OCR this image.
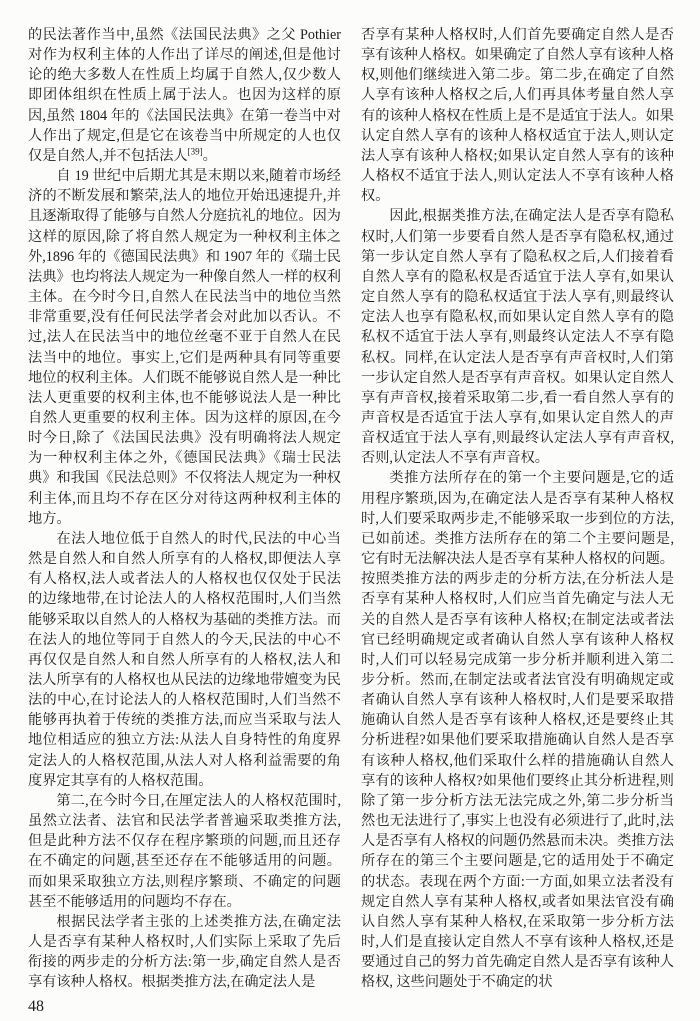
的民法著作当中,虽然《法国民法典》之父 Pothier 对作为权利主体的人作出了详尽的阐述,但是他讨论的绝大多数人在性质上均属于自然人,仅少数人即团体组织在性质上属于法人。也因为这样的原因,虽然 1804 年的《法国民法典》在第一卷当中对人作出了规定,但是它在该卷当中所规定的人也仅仅是自然人,并不包括法人[39]。

自 19 世纪中后期尤其是末期以来,随着市场经济的不断发展和繁荣,法人的地位开始迅速提升,并且逐渐取得了能够与自然人分庭抗礼的地位。因为这样的原因,除了将自然人规定为一种权利主体之外,1896 年的《德国民法典》和 1907 年的《瑞士民法典》也均将法人规定为一种像自然人一样的权利主体。在今时今日,自然人在民法当中的地位当然非常重要,没有任何民法学者会对此加以否认。不过,法人在民法当中的地位丝毫不亚于自然人在民法当中的地位。事实上,它们是两种具有同等重要地位的权利主体。人们既不能够说自然人是一种比法人更重要的权利主体,也不能够说法人是一种比自然人更重要的权利主体。因为这样的原因,在今时今日,除了《法国民法典》没有明确将法人规定为一种权利主体之外,《德国民法典》《瑞士民法典》和我国《民法总则》不仅将法人规定为一种权利主体,而且均不存在区分对待这两种权利主体的地方。

在法人地位低于自然人的时代,民法的中心当然是自然人和自然人所享有的人格权,即便法人享有人格权,法人或者法人的人格权也仅仅处于民法的边缘地带,在讨论法人的人格权范围时,人们当然能够采取以自然人的人格权为基础的类推方法。而在法人的地位等同于自然人的今天,民法的中心不再仅仅是自然人和自然人所享有的人格权,法人和法人所享有的人格权也从民法的边缘地带嬗变为民法的中心,在讨论法人的人格权范围时,人们当然不能够再执着于传统的类推方法,而应当采取与法人地位相适应的独立方法:从法人自身特性的角度界定法人的人格权范围,从法人对人格利益需要的角度界定其享有的人格权范围。

第二,在今时今日,在厘定法人的人格权范围时,虽然立法者、法官和民法学者普遍采取类推方法,但是此种方法不仅存在程序繁琐的问题,而且还存在不确定的问题,甚至还存在不能够适用的问题。而如果采取独立方法,则程序繁琐、不确定的问题甚至不能够适用的问题均不存在。

根据民法学者主张的上述类推方法,在确定法人是否享有某种人格权时,人们实际上采取了先后衔接的两步走的分析方法:第一步,确定自然人是否享有该种人格权。根据类推方法,在确定法人是

否享有某种人格权时,人们首先要确定自然人是否享有该种人格权。如果确定了自然人享有该种人格权,则他们继续进入第二步。第二步,在确定了自然人享有该种人格权之后,人们再具体考量自然人享有的该种人格权在性质上是不是适宜于法人。如果认定自然人享有的该种人格权适宜于法人,则认定法人享有该种人格权;如果认定自然人享有的该种人格权不适宜于法人,则认定法人不享有该种人格权。

因此,根据类推方法,在确定法人是否享有隐私权时,人们第一步要看自然人是否享有隐私权,通过第一步认定自然人享有了隐私权之后,人们接着看自然人享有的隐私权是否适宜于法人享有,如果认定自然人享有的隐私权适宜于法人享有,则最终认定法人也享有隐私权,而如果认定自然人享有的隐私权不适宜于法人享有,则最终认定法人不享有隐私权。同样,在认定法人是否享有声音权时,人们第一步认定自然人是否享有声音权。如果认定自然人享有声音权,接着采取第二步,看一看自然人享有的声音权是否适宜于法人享有,如果认定自然人的声音权适宜于法人享有,则最终认定法人享有声音权,否则,认定法人不享有声音权。

类推方法所存在的第一个主要问题是,它的适用程序繁琐,因为,在确定法人是否享有某种人格权时,人们要采取两步走,不能够采取一步到位的方法,已如前述。类推方法所存在的第二个主要问题是,它有时无法解决法人是否享有某种人格权的问题。按照类推方法的两步走的分析方法,在分析法人是否享有某种人格权时,人们应当首先确定与法人无关的自然人是否享有该种人格权;在制定法或者法官已经明确规定或者确认自然人享有该种人格权时,人们可以轻易完成第一步分析并顺利进入第二步分析。然而,在制定法或者法官没有明确规定或者确认自然人享有该种人格权时,人们是要采取措施确认自然人是否享有该种人格权,还是要终止其分析进程?如果他们要采取措施确认自然人是否享有该种人格权,他们采取什么样的措施确认自然人享有的该种人格权?如果他们要终止其分析进程,则除了第一步分析方法无法完成之外,第二步分析当然也无法进行了,事实上也没有必须进行了,此时,法人是否享有人格权的问题仍然悬而未决。类推方法所存在的第三个主要问题是,它的适用处于不确定的状态。表现在两个方面:一方面,如果立法者没有规定自然人享有某种人格权,或者如果法官没有确认自然人享有某种人格权,在采取第一步分析方法时,人们是直接认定自然人不享有该种人格权,还是要通过自己的努力首先确定自然人是否享有该种人格权, 这些问题处于不确定的状

48
